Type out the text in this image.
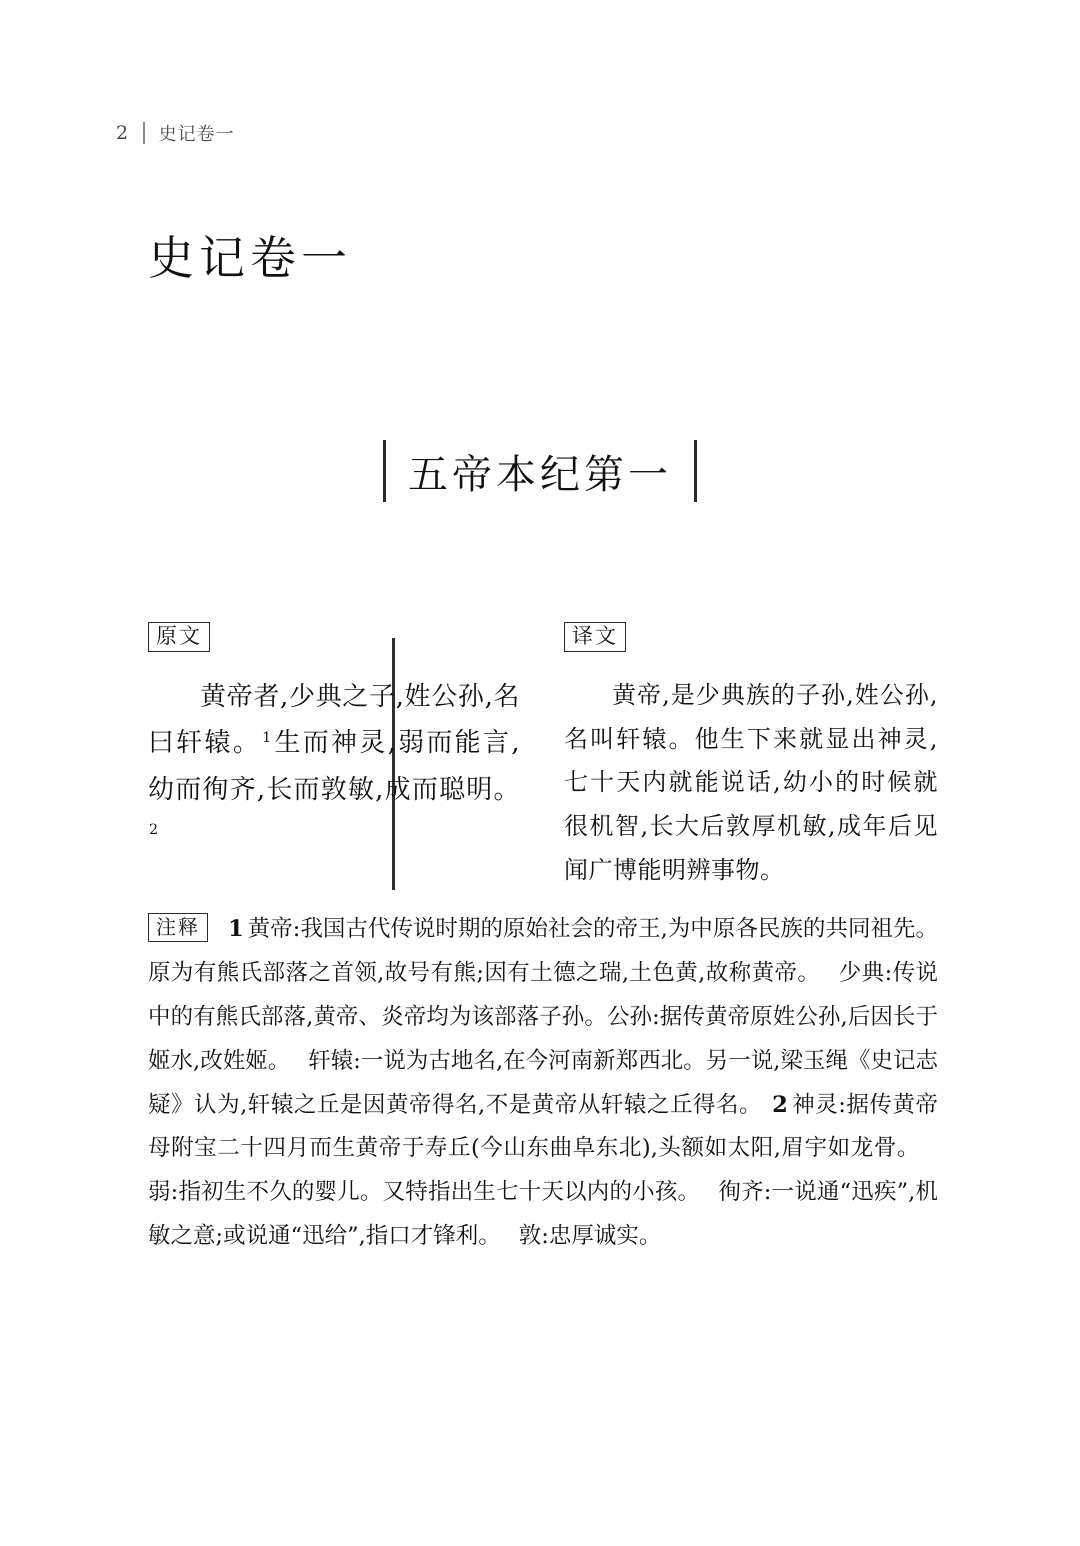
2 史记卷一
史记卷一
五帝本纪第一
原文
黄帝者,少典之子,姓公孙,名曰轩辕。$^1$生而神灵,弱而能言,幼而徇齐,长而敦敏,成而聪明。$^2$
译文
黄帝,是少典族的子孙,姓公孙,名叫轩辕。他生下来就显出神灵,七十天内就能说话,幼小的时候就很机智,长大后敦厚机敏,成年后见闻广博能明辨事物。
注释 1 黄帝:我国古代传说时期的原始社会的帝王,为中原各民族的共同祖先。原为有熊氏部落之首领,故号有熊;因有土德之瑞,土色黄,故称黄帝。 少典:传说中的有熊氏部落,黄帝、炎帝均为该部落子孙。公孙:据传黄帝原姓公孙,后因长于姬水,改姓姬。 轩辕:一说为古地名,在今河南新郑西北。另一说,梁玉绳《史记志疑》认为,轩辕之丘是因黄帝得名,不是黄帝从轩辕之丘得名。 2 神灵:据传黄帝母附宝二十四月而生黄帝于寿丘(今山东曲阜东北),头额如太阳,眉宇如龙骨。弱:指初生不久的婴儿。又特指出生七十天以内的小孩。 徇齐:一说通“迅疾”,机敏之意;或说通“迅给”,指口才锋利。 敦:忠厚诚实。
